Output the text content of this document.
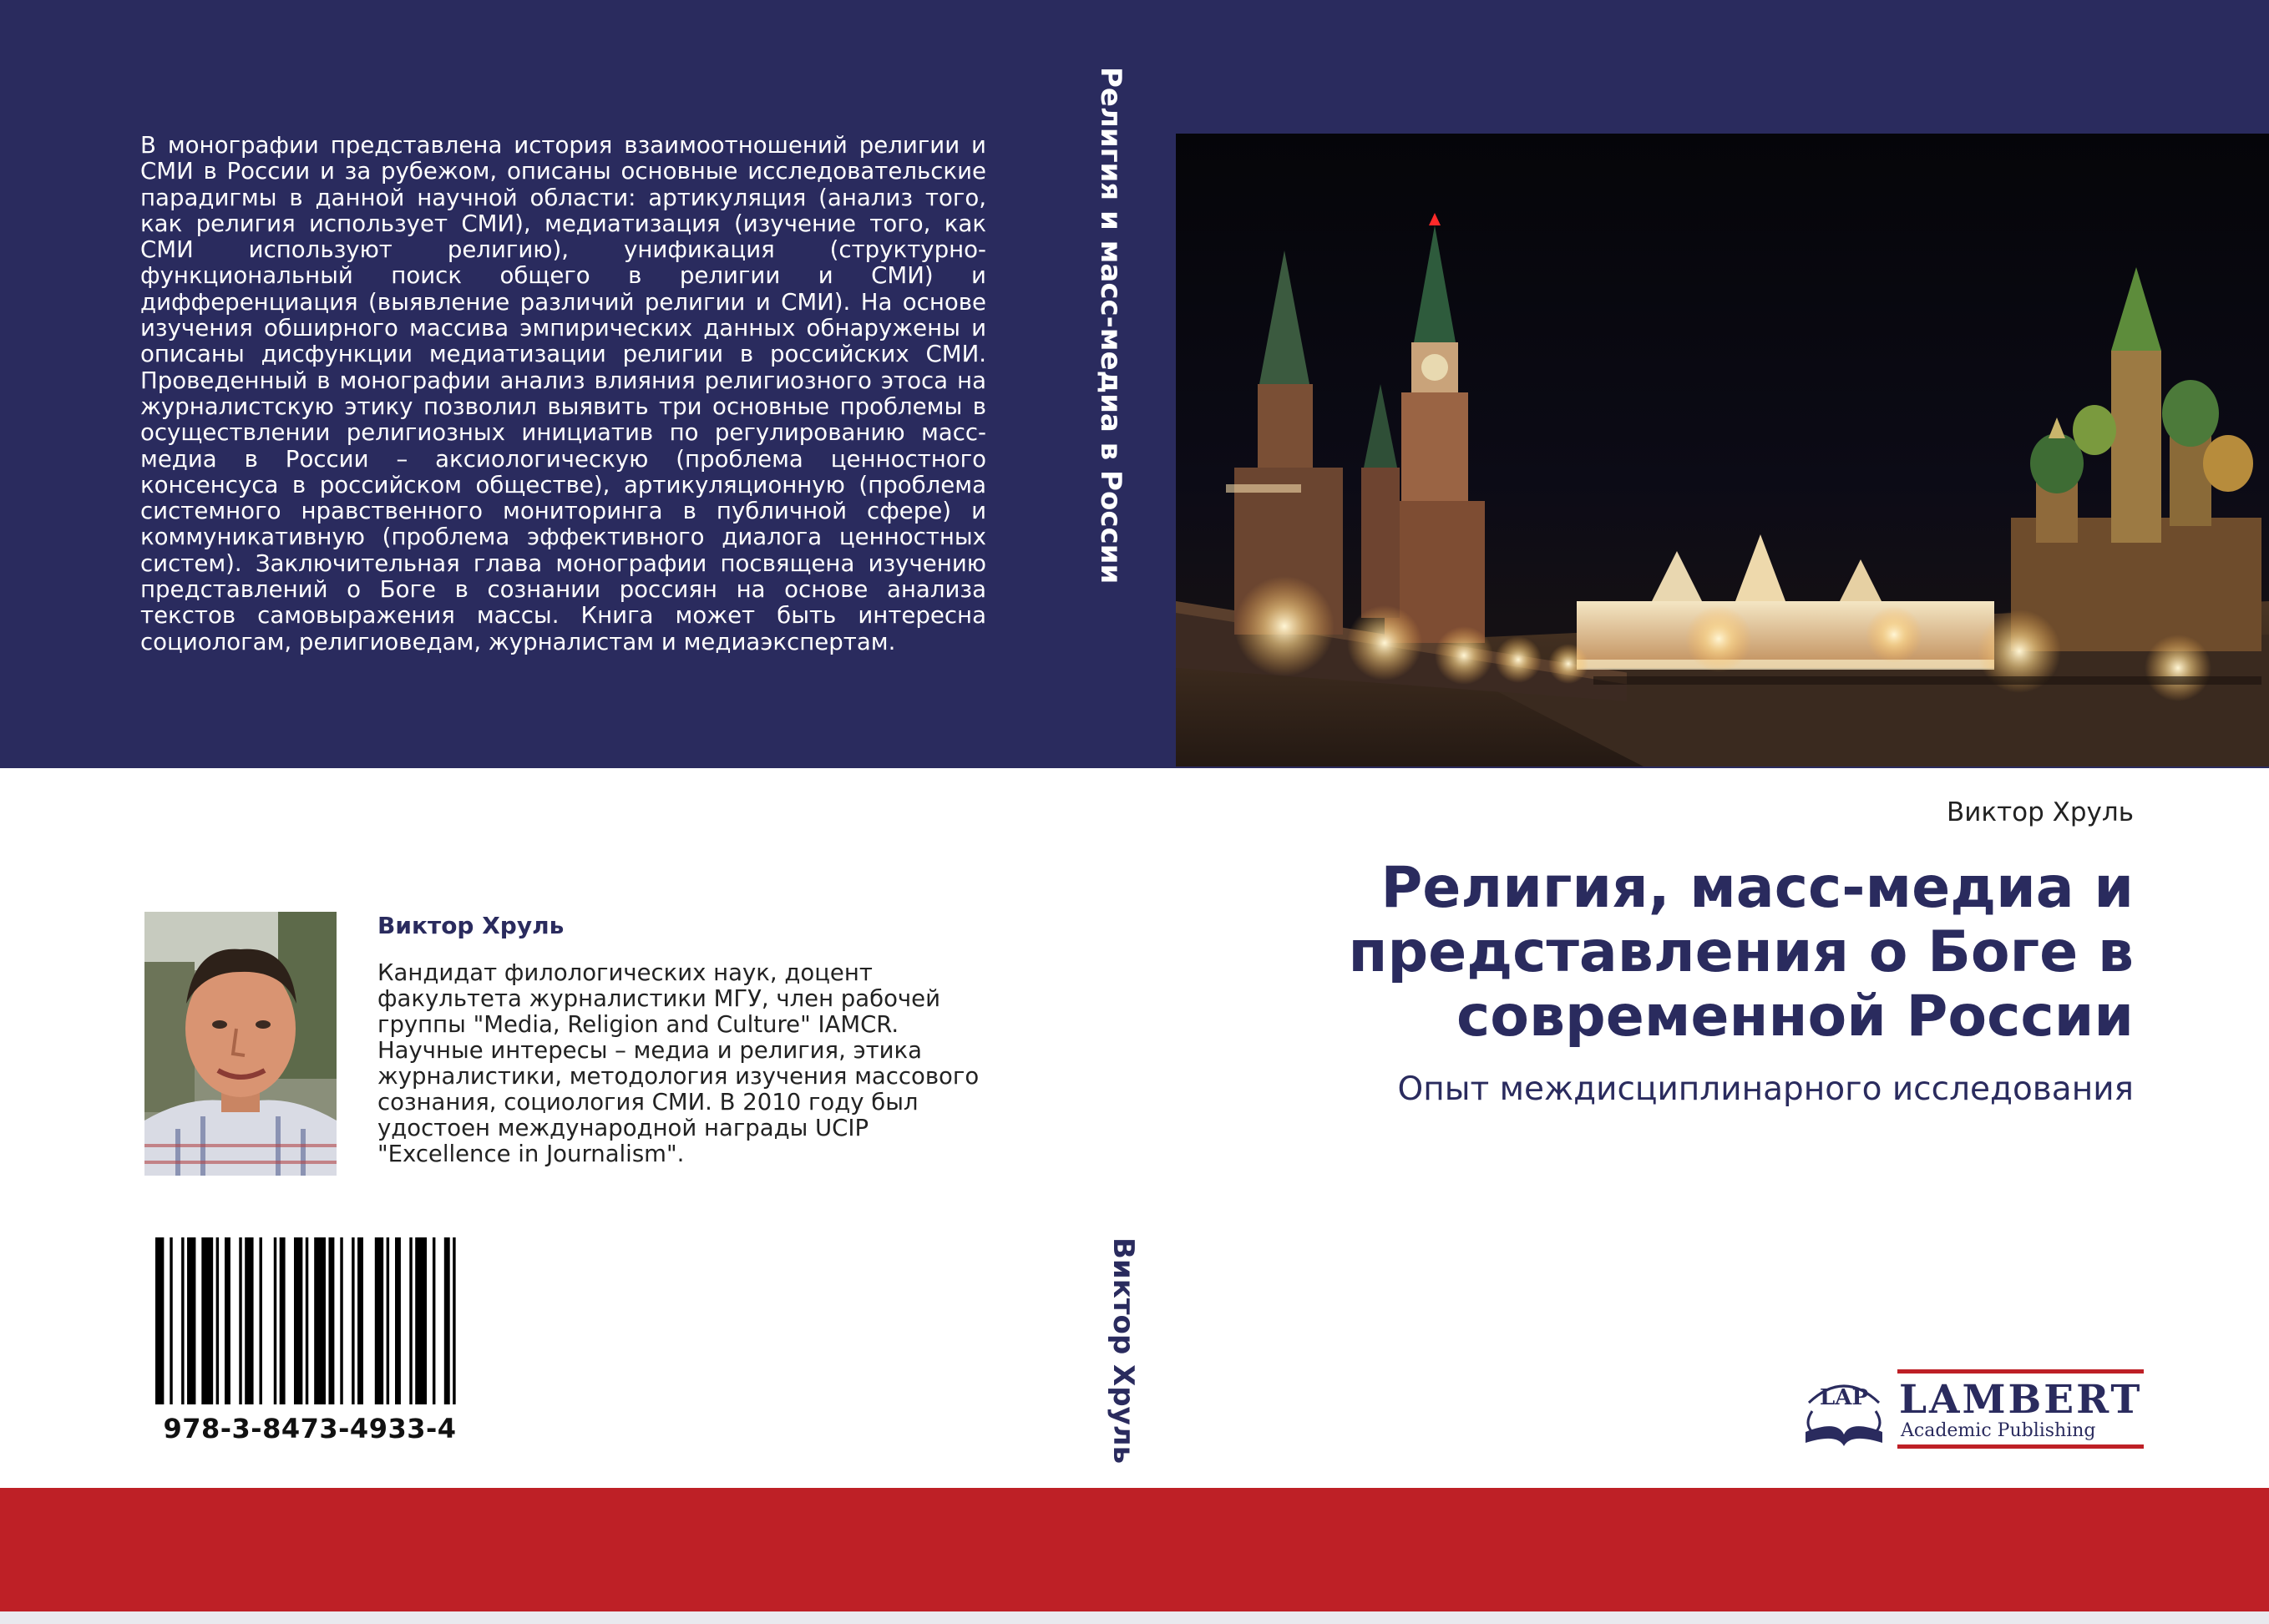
В монографии представлена история взаимоотношений религии и СМИ в России и за рубежом, описаны основные исследовательские парадигмы в данной научной области: артикуляция (анализ того, как религия использует СМИ), медиатизация (изучение того, как СМИ используют религию), унификация (структурно-функциональный поиск общего в религии и СМИ) и дифференциация (выявление различий религии и СМИ). На основе изучения обширного массива эмпирических данных обнаружены и описаны дисфункции медиатизации религии в российских СМИ. Проведенный в монографии анализ влияния религиозного этоса на журналистскую этику позволил выявить три основные проблемы в осуществлении религиозных инициатив по регулированию масс-медиа в России – аксиологическую (проблема ценностного консенсуса в российском обществе), артикуляционную (проблема системного нравственного мониторинга в публичной сфере) и коммуникативную (проблема эффективного диалога ценностных систем). Заключительная глава монографии посвящена изучению представлений о Боге в сознании россиян на основе анализа текстов самовыражения массы. Книга может быть интересна социологам, религиоведам, журналистам и медиаэкспертам.

Религия и масс-медиа в России
Виктор Хруль
Виктор Хруль
Религия, масс-медиа и представления о Боге в современной России
Опыт междисциплинарного исследования
Виктор Хруль

Кандидат филологических наук, доцент факультета журналистики МГУ, член рабочей группы "Media, Religion and Culture" IAMCR. Научные интересы – медиа и религия, этика журналистики, методология изучения массового сознания, социология СМИ. В 2010 году был удостоен международной награды UCIP "Excellence in Journalism".

978-3-8473-4933-4
LAP LAMBERT
Academic Publishing
